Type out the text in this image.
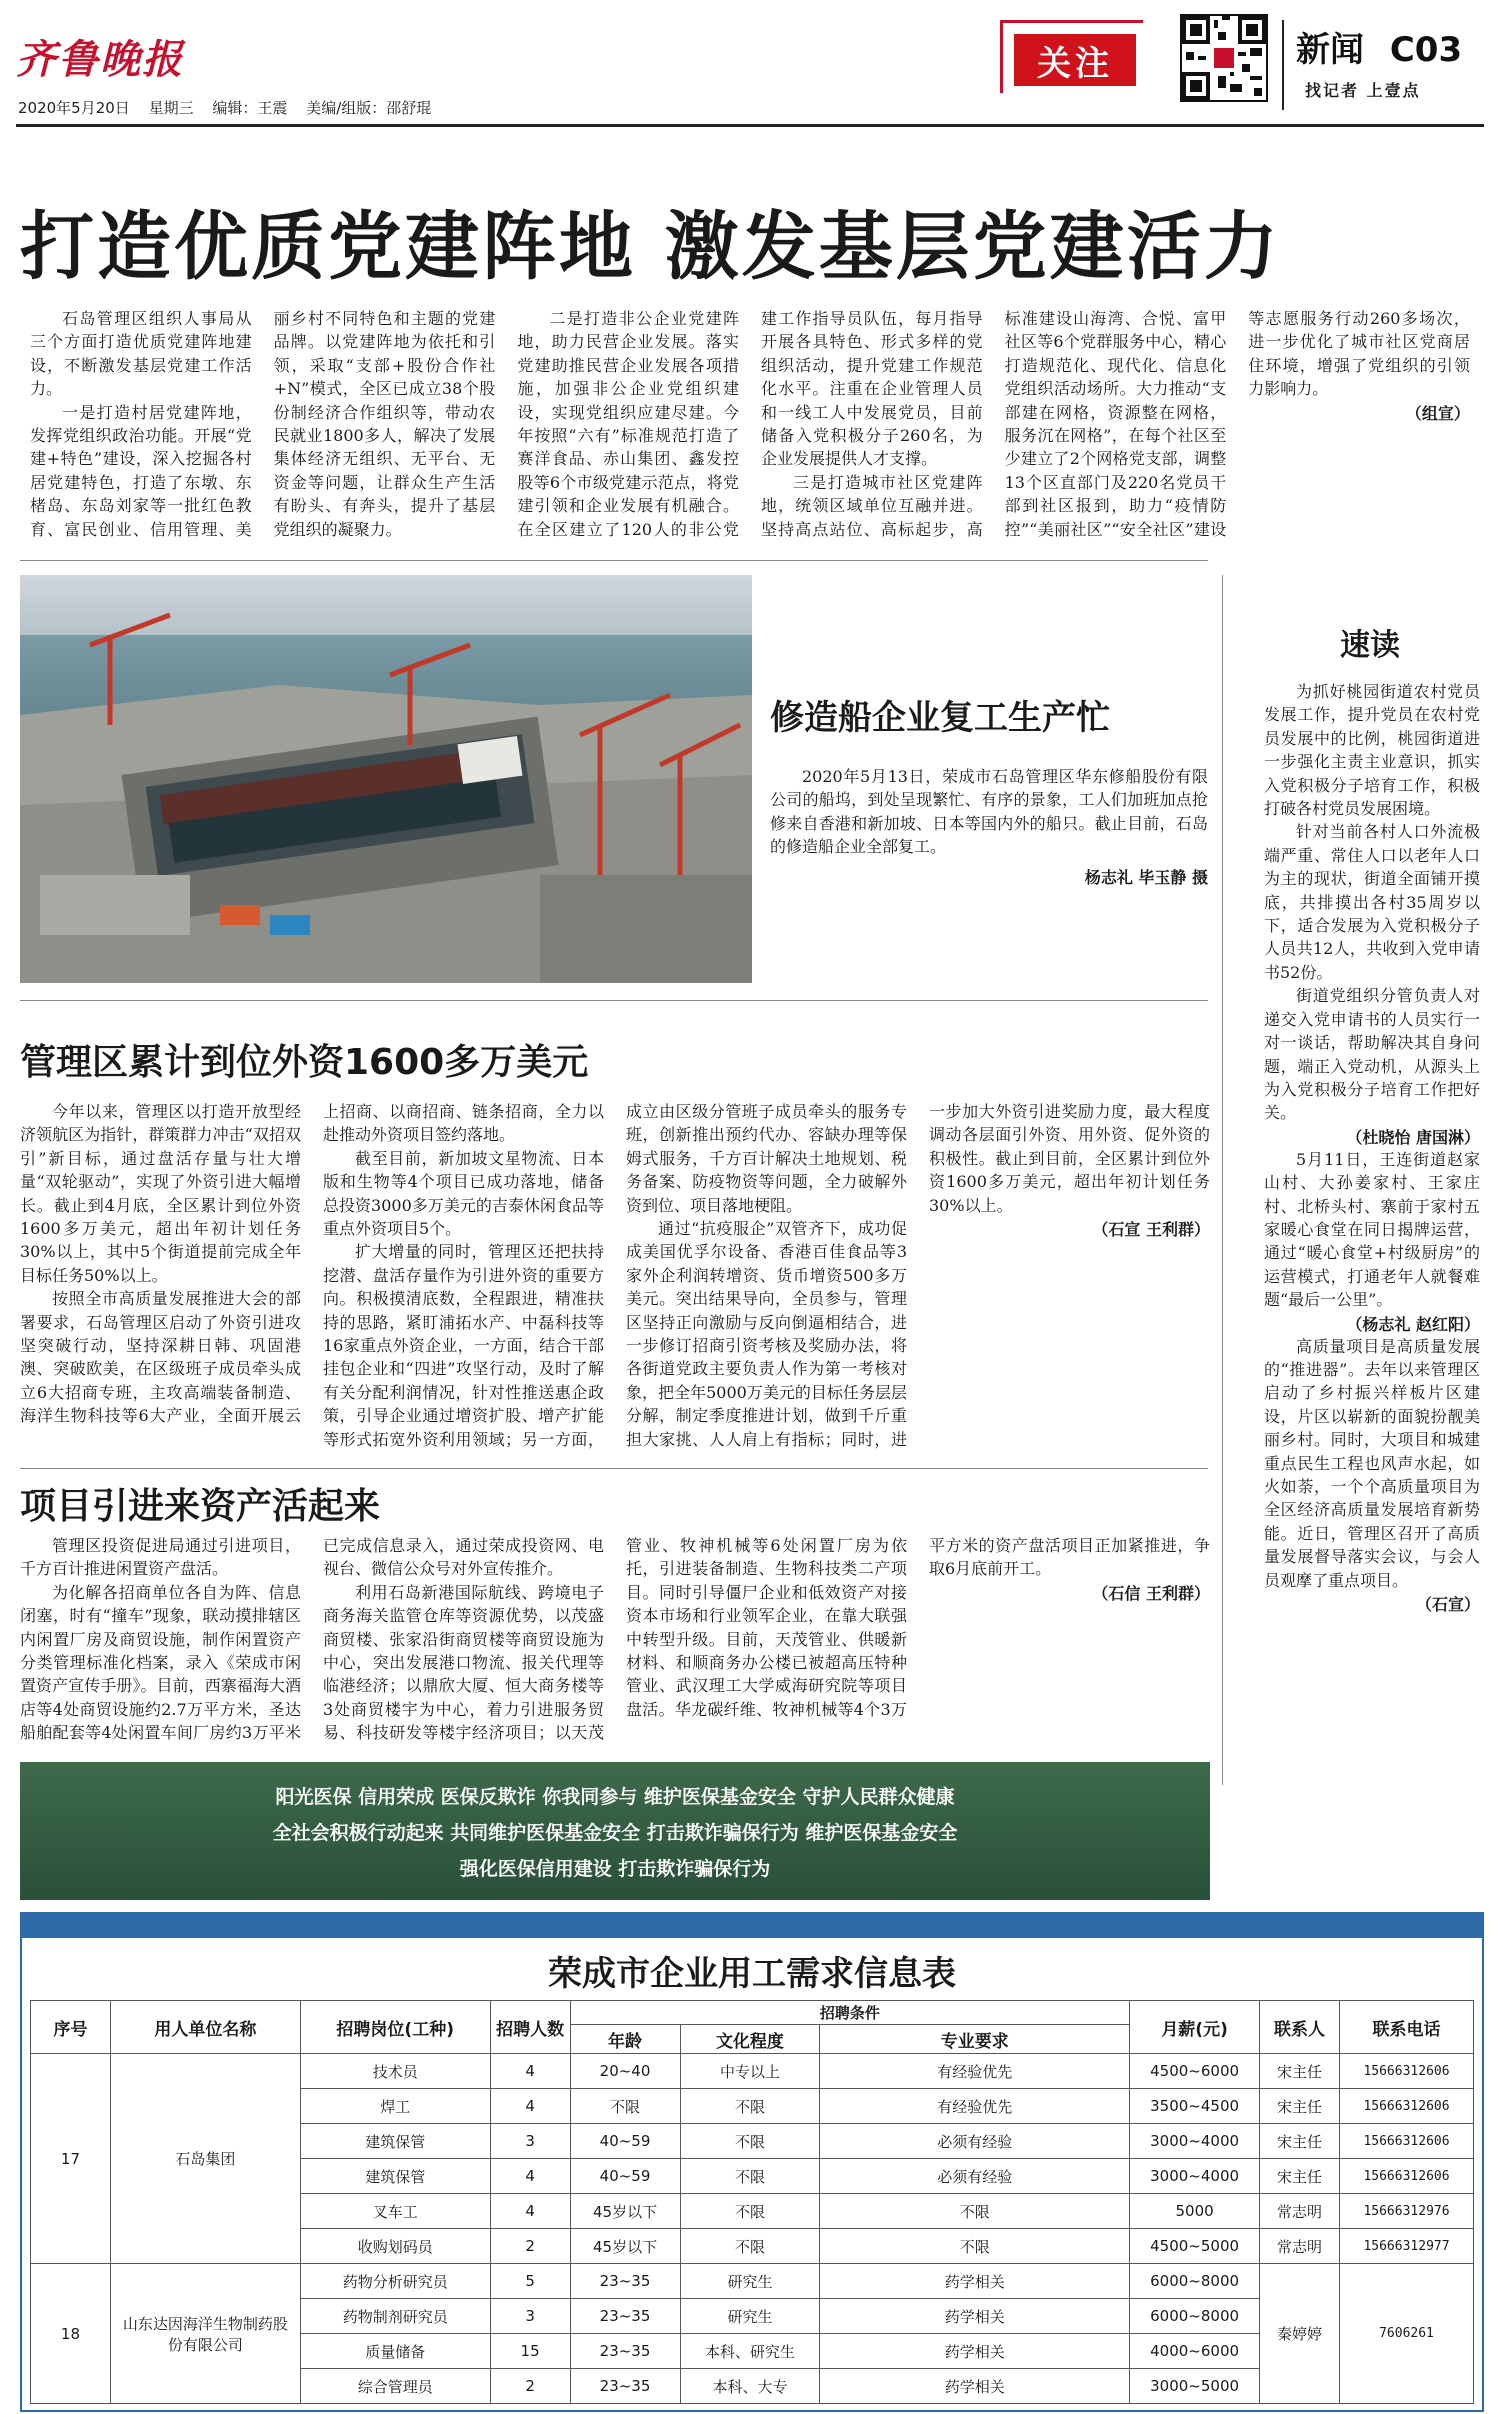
齐鲁晚报
2020年5月20日 星期三 编辑：王震 美编/组版：邵舒琨
关注	新闻 C03
找记者 上壹点
打造优质党建阵地 激发基层党建活力

石岛管理区组织人事局从三个方面打造优质党建阵地建设，不断激发基层党建工作活力。

一是打造村居党建阵地，发挥党组织政治功能。开展“党建+特色”建设，深入挖掘各村居党建特色，打造了东墩、东楮岛、东岛刘家等一批红色教育、富民创业、信用管理、美丽乡村不同特色和主题的党建品牌。以党建阵地为依托和引领，采取“支部+股份合作社+N”模式，全区已成立38个股份制经济合作组织等，带动农民就业1800多人，解决了发展集体经济无组织、无平台、无资金等问题，让群众生产生活有盼头、有奔头，提升了基层党组织的凝聚力。

二是打造非公企业党建阵地，助力民营企业发展。落实党建助推民营企业发展各项措施，加强非公企业党组织建设，实现党组织应建尽建。今年按照“六有”标准规范打造了赛洋食品、赤山集团、鑫发控股等6个市级党建示范点，将党建引领和企业发展有机融合。在全区建立了120人的非公党建工作指导员队伍，每月指导开展各具特色、形式多样的党组织活动，提升党建工作规范化水平。注重在企业管理人员和一线工人中发展党员，目前储备入党积极分子260名，为企业发展提供人才支撑。

三是打造城市社区党建阵地，统领区域单位互融并进。坚持高点站位、高标起步，高标准建设山海湾、合悦、富甲社区等6个党群服务中心，精心打造规范化、现代化、信息化党组织活动场所。大力推动“支部建在网格，资源整在网格，服务沉在网格”，在每个社区至少建立了2个网格党支部，调整13个区直部门及220名党员干部到社区报到，助力“疫情防控”“美丽社区”“安全社区”建设等志愿服务行动260多场次，进一步优化了城市社区党商居住环境，增强了党组织的引领力影响力。

（组宣）

修造船企业复工生产忙

2020年5月13日，荣成市石岛管理区华东修船股份有限公司的船坞，到处呈现繁忙、有序的景象，工人们加班加点抢修来自香港和新加坡、日本等国内外的船只。截止目前，石岛的修造船企业全部复工。

杨志礼 毕玉静 摄

速读

为抓好桃园街道农村党员发展工作，提升党员在农村党员发展中的比例，桃园街道进一步强化主责主业意识，抓实入党积极分子培育工作，积极打破各村党员发展困境。

针对当前各村人口外流极端严重、常住人口以老年人口为主的现状，街道全面铺开摸底，共排摸出各村35周岁以下，适合发展为入党积极分子人员共12人，共收到入党申请书52份。

街道党组织分管负责人对递交入党申请书的人员实行一对一谈话，帮助解决其自身问题，端正入党动机，从源头上为入党积极分子培育工作把好关。

（杜晓怡 唐国淋）

5月11日，王连街道赵家山村、大孙姜家村、王家庄村、北桥头村、寨前于家村五家暖心食堂在同日揭牌运营，通过“暖心食堂+村级厨房”的运营模式，打通老年人就餐难题“最后一公里”。

（杨志礼 赵红阳）

高质量项目是高质量发展的“推进器”。去年以来管理区启动了乡村振兴样板片区建设，片区以崭新的面貌扮靓美丽乡村。同时，大项目和城建重点民生工程也风声水起，如火如荼，一个个高质量项目为全区经济高质量发展培育新势能。近日，管理区召开了高质量发展督导落实会议，与会人员观摩了重点项目。

（石宣）

管理区累计到位外资1600多万美元

今年以来，管理区以打造开放型经济领航区为指针，群策群力冲击“双招双引”新目标，通过盘活存量与壮大增量“双轮驱动”，实现了外资引进大幅增长。截止到4月底，全区累计到位外资1600多万美元，超出年初计划任务30%以上，其中5个街道提前完成全年目标任务50%以上。

按照全市高质量发展推进大会的部署要求，石岛管理区启动了外资引进攻坚突破行动，坚持深耕日韩、巩固港澳、突破欧美，在区级班子成员牵头成立6大招商专班，主攻高端装备制造、海洋生物科技等6大产业，全面开展云上招商、以商招商、链条招商，全力以赴推动外资项目签约落地。

截至目前，新加坡文星物流、日本版和生物等4个项目已成功落地，储备总投资3000多万美元的吉泰休闲食品等重点外资项目5个。

扩大增量的同时，管理区还把扶持挖潜、盘活存量作为引进外资的重要方向。积极摸清底数，全程跟进，精准扶持的思路，紧盯浦拓水产、中磊科技等16家重点外资企业，一方面，结合干部挂包企业和“四进”攻坚行动，及时了解有关分配利润情况，针对性推送惠企政策，引导企业通过增资扩股、增产扩能等形式拓宽外资利用领域；另一方面，成立由区级分管班子成员牵头的服务专班，创新推出预约代办、容缺办理等保姆式服务，千方百计解决土地规划、税务备案、防疫物资等问题，全力破解外资到位、项目落地梗阻。

通过“抗疫服企”双管齐下，成功促成美国优孚尔设备、香港百佳食品等3家外企利润转增资、货币增资500多万美元。突出结果导向，全员参与，管理区坚持正向激励与反向倒逼相结合，进一步修订招商引资考核及奖励办法，将各街道党政主要负责人作为第一考核对象，把全年5000万美元的目标任务层层分解，制定季度推进计划，做到千斤重担大家挑、人人肩上有指标；同时，进一步加大外资引进奖励力度，最大程度调动各层面引外资、用外资、促外资的积极性。截止到目前，全区累计到位外资1600多万美元，超出年初计划任务30%以上。

（石宣 王利群）

项目引进来资产活起来

管理区投资促进局通过引进项目，千方百计推进闲置资产盘活。

为化解各招商单位各自为阵、信息闭塞，时有“撞车”现象，联动摸排辖区内闲置厂房及商贸设施，制作闲置资产分类管理标准化档案，录入《荣成市闲置资产宣传手册》。目前，西寨福海大酒店等4处商贸设施约2.7万平方米，圣达船舶配套等4处闲置车间厂房约3万平米已完成信息录入，通过荣成投资网、电视台、微信公众号对外宣传推介。

利用石岛新港国际航线、跨境电子商务海关监管仓库等资源优势，以茂盛商贸楼、张家沿街商贸楼等商贸设施为中心，突出发展港口物流、报关代理等临港经济；以鼎欣大厦、恒大商务楼等3处商贸楼宇为中心，着力引进服务贸易、科技研发等楼宇经济项目；以天茂管业、牧神机械等6处闲置厂房为依托，引进装备制造、生物科技类二产项目。同时引导僵尸企业和低效资产对接资本市场和行业领军企业，在靠大联强中转型升级。目前，天茂管业、供暖新材料、和顺商务办公楼已被超高压特种管业、武汉理工大学威海研究院等项目盘活。华龙碳纤维、牧神机械等4个3万平方米的资产盘活项目正加紧推进，争取6月底前开工。

（石信 王利群）

阳光医保 信用荣成 医保反欺诈 你我同参与 维护医保基金安全 守护人民群众健康
全社会积极行动起来 共同维护医保基金安全 打击欺诈骗保行为 维护医保基金安全
强化医保信用建设 打击欺诈骗保行为
荣成市企业用工需求信息表
序号	用人单位名称	招聘岗位(工种)	招聘人数	招聘条件			月薪(元)	联系人	联系电话
				年龄	文化程度	专业要求			
17	石岛集团	技术员	4	20~40	中专以上	有经验优先	4500~6000	宋主任	15666312606
		焊工	4	不限	不限	有经验优先	3500~4500	宋主任	15666312606
		建筑保管	3	40~59	不限	必须有经验	3000~4000	宋主任	15666312606
		建筑保管	4	40~59	不限	必须有经验	3000~4000	宋主任	15666312606
		叉车工	4	45岁以下	不限	不限	5000	常志明	15666312976
		收购划码员	2	45岁以下	不限	不限	4500~5000	常志明	15666312977
18	山东达因海洋生物制药股份有限公司	药物分析研究员	5	23~35	研究生	药学相关	6000~8000	秦婷婷	7606261
		药物制剂研究员	3	23~35	研究生	药学相关	6000~8000		
		质量储备	15	23~35	本科、研究生	药学相关	4000~6000		
		综合管理员	2	23~35	本科、大专	药学相关	3000~5000		
